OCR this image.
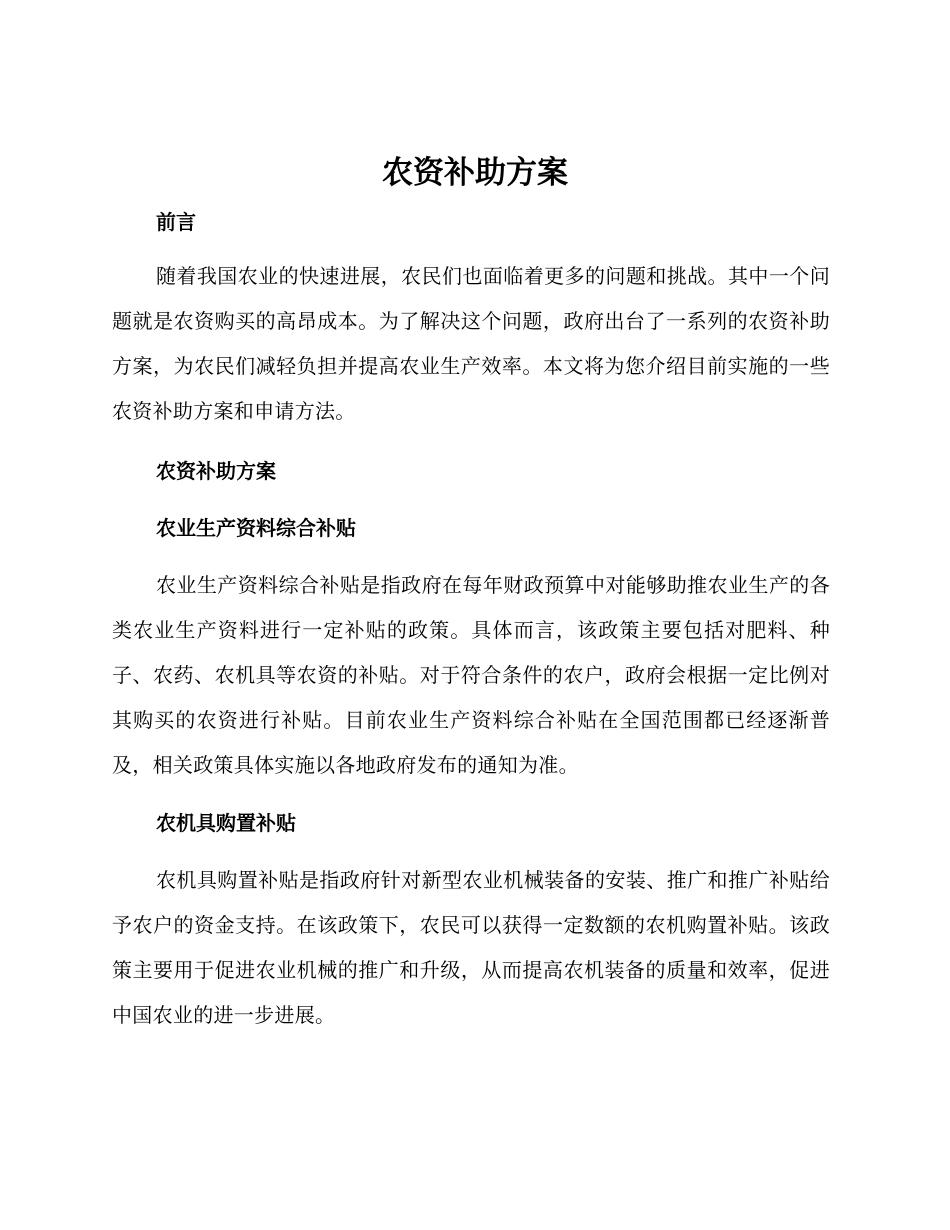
农资补助方案
前言

随着我国农业的快速进展，农民们也面临着更多的问题和挑战。其中一个问题就是农资购买的高昂成本。为了解决这个问题，政府出台了一系列的农资补助方案，为农民们减轻负担并提高农业生产效率。本文将为您介绍目前实施的一些农资补助方案和申请方法。

农资补助方案
农业生产资料综合补贴

农业生产资料综合补贴是指政府在每年财政预算中对能够助推农业生产的各类农业生产资料进行一定补贴的政策。具体而言，该政策主要包括对肥料、种子、农药、农机具等农资的补贴。对于符合条件的农户，政府会根据一定比例对其购买的农资进行补贴。目前农业生产资料综合补贴在全国范围都已经逐渐普及，相关政策具体实施以各地政府发布的通知为准。

农机具购置补贴

农机具购置补贴是指政府针对新型农业机械装备的安装、推广和推广补贴给予农户的资金支持。在该政策下，农民可以获得一定数额的农机购置补贴。该政策主要用于促进农业机械的推广和升级，从而提高农机装备的质量和效率，促进中国农业的进一步进展。
